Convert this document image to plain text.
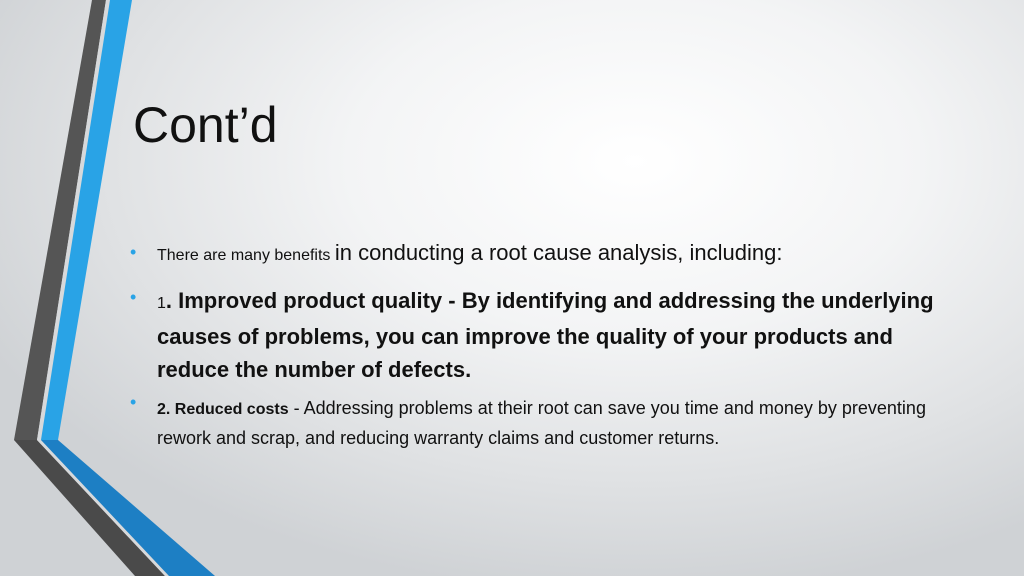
Cont’d
• There are many benefits in conducting a root cause analysis, including:
• 1. Improved product quality - By identifying and addressing the underlying causes of problems, you can improve the quality of your products and reduce the number of defects.

• 2. Reduced costs - Addressing problems at their root can save you time and money by preventing rework and scrap, and reducing warranty claims and customer returns.
